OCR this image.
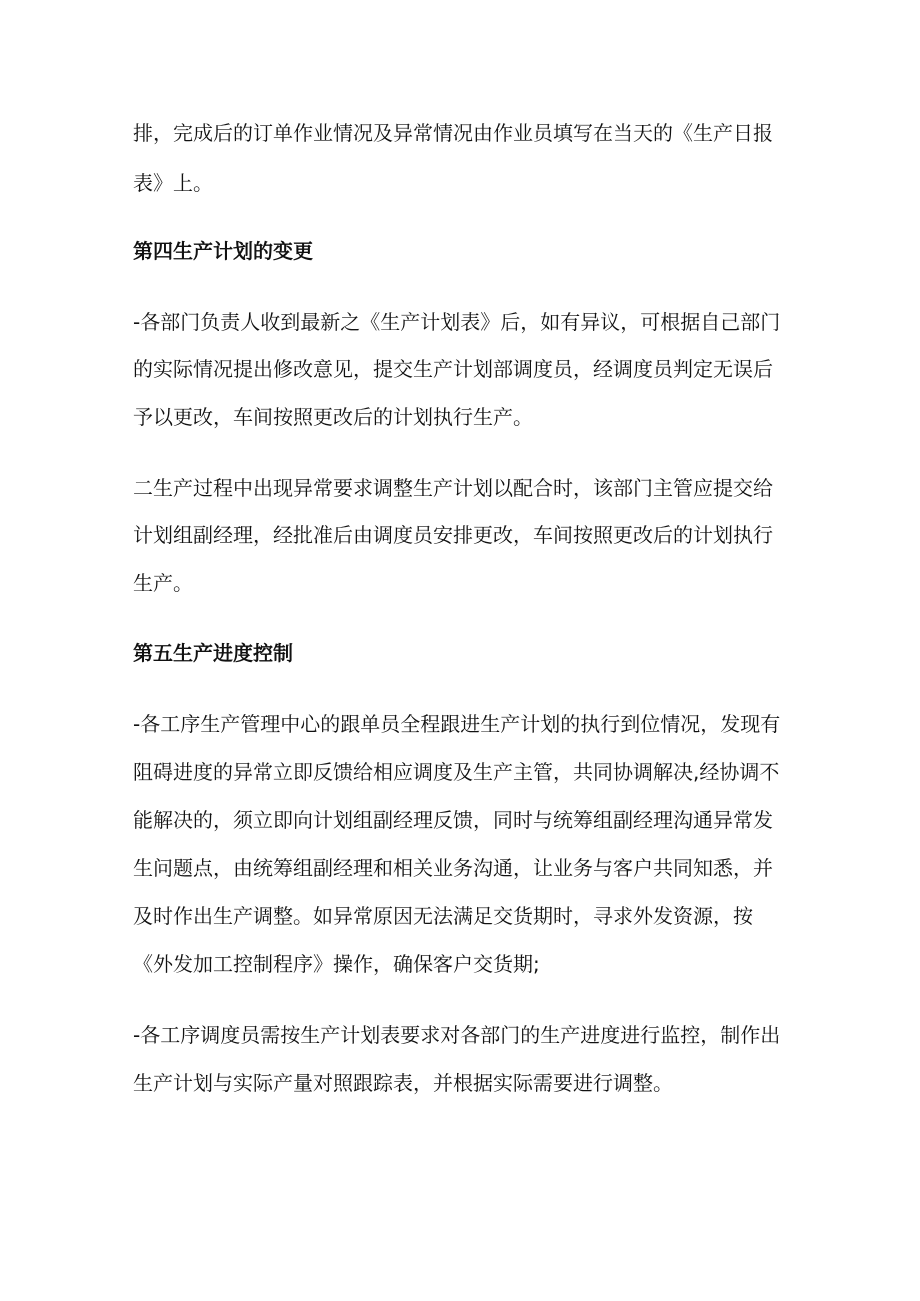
排，完成后的订单作业情况及异常情况由作业员填写在当天的《生产日报
表》上。
第四生产计划的变更
-各部门负责人收到最新之《生产计划表》后，如有异议，可根据自己部门
的实际情况提出修改意见，提交生产计划部调度员，经调度员判定无误后
予以更改，车间按照更改后的计划执行生产。
二生产过程中出现异常要求调整生产计划以配合时，该部门主管应提交给
计划组副经理，经批准后由调度员安排更改，车间按照更改后的计划执行
生产。
第五生产进度控制
-各工序生产管理中心的跟单员全程跟进生产计划的执行到位情况，发现有
阻碍进度的异常立即反馈给相应调度及生产主管，共同协调解决,经协调不
能解决的，须立即向计划组副经理反馈，同时与统筹组副经理沟通异常发
生问题点，由统筹组副经理和相关业务沟通，让业务与客户共同知悉，并
及时作出生产调整。如异常原因无法满足交货期时，寻求外发资源，按
《外发加工控制程序》操作，确保客户交货期;
-各工序调度员需按生产计划表要求对各部门的生产进度进行监控，制作出
生产计划与实际产量对照跟踪表，并根据实际需要进行调整。
